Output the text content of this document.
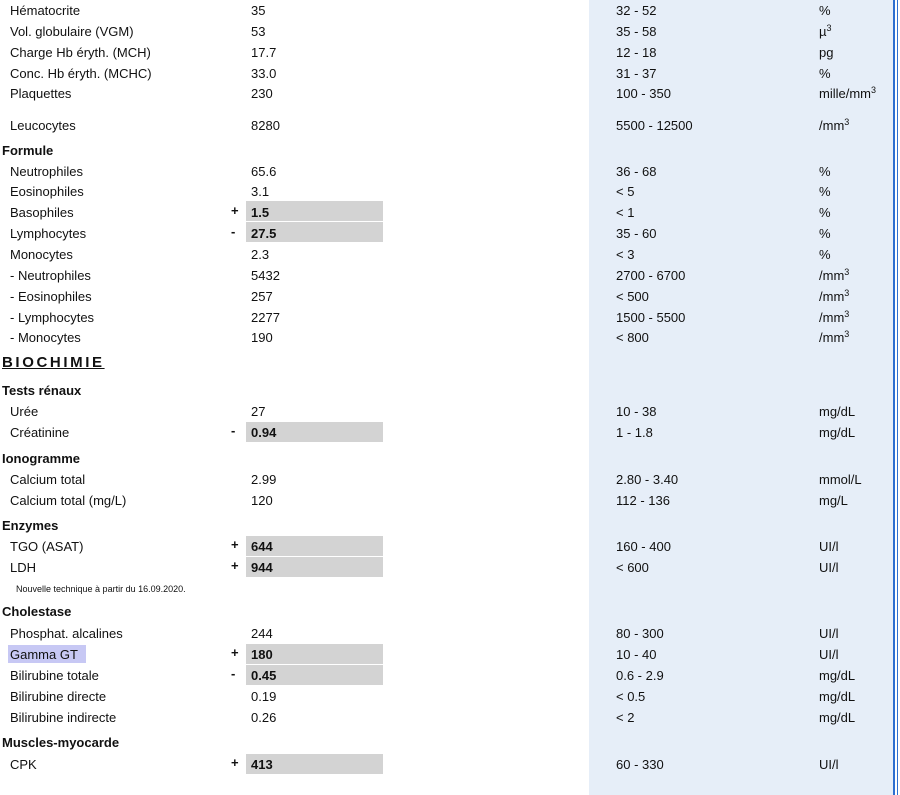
Hématocrite	35	32 - 52	%
Vol. globulaire (VGM)	53	35 - 58	µ$^3$
Charge Hb éryth. (MCH)	17.7	12 - 18	pg
Conc. Hb éryth. (MCHC)	33.0	31 - 37	%
Plaquettes	230	100 - 350	mille/$mm^3$
Leucocytes	8280	5500 - 12500	$/mm^3$
Formule
Neutrophiles	65.6	36 - 68	%
Eosinophiles	3.1	< 5	%
Basophiles	+ 1.5	< 1	%
Lymphocytes	- 27.5	35 - 60	%
Monocytes	2.3	< 3	%
- Neutrophiles	5432	2700 - 6700	$/mm^3$
- Eosinophiles	257	< 500	$/mm^3$
- Lymphocytes	2277	1500 - 5500	$/mm^3$
- Monocytes	190	< 800	$/mm^3$
BIOCHIMIE
Tests rénaux
Urée	27	10 - 38	mg/dL
Créatinine	- 0.94	1 - 1.8	mg/dL
Ionogramme
Calcium total	2.99	2.80 - 3.40	mmol/L
Calcium total (mg/L)	120	112 - 136	mg/L
Enzymes
TGO (ASAT)	+ 644	160 - 400	UI/l
LDH	+ 944	< 600	UI/l
Nouvelle technique à partir du 16.09.2020.
Cholestase
Phosphat. alcalines	244	80 - 300	UI/l
Gamma GT	+ 180	10 - 40	UI/l
Bilirubine totale	- 0.45	0.6 - 2.9	mg/dL
Bilirubine directe	0.19	< 0.5	mg/dL
Bilirubine indirecte	0.26	< 2	mg/dL
Muscles-myocarde
CPK	+ 413	60 - 330	UI/l
